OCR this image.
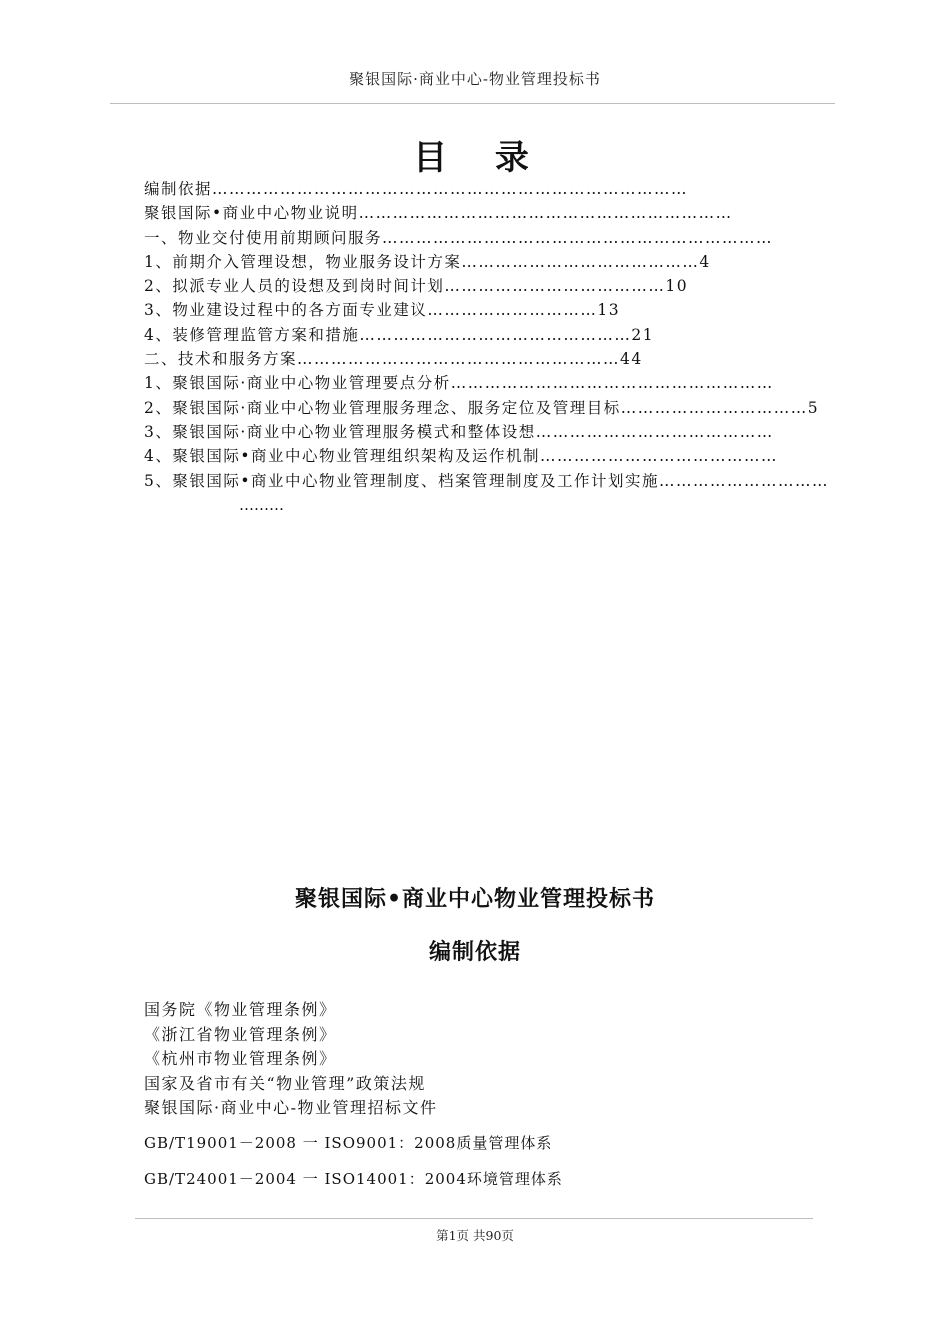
聚银国际·商业中心-物业管理投标书
目 录
编制依据…………………………………………………………………………
聚银国际•商业中心物业说明…………………………………………………………
一、物业交付使用前期顾问服务……………………………………………………………
1、前期介入管理设想，物业服务设计方案……………………………………4
2、拟派专业人员的设想及到岗时间计划…………………………………10
3、物业建设过程中的各方面专业建议…………………………13
4、装修管理监管方案和措施…………………………………………21
二、技术和服务方案…………………………………………………44
1、聚银国际·商业中心物业管理要点分析…………………………………………………
2、聚银国际·商业中心物业管理服务理念、服务定位及管理目标……………………………5
3、聚银国际·商业中心物业管理服务模式和整体设想……………………………………
4、聚银国际•商业中心物业管理组织架构及运作机制……………………………………
5、聚银国际•商业中心物业管理制度、档案管理制度及工作计划实施…………………………
………
聚银国际•商业中心物业管理投标书
编制依据
国务院《物业管理条例》
《浙江省物业管理条例》
《杭州市物业管理条例》
国家及省市有关“物业管理”政策法规
聚银国际·商业中心-物业管理招标文件
GB/T19001－2008 一 ISO9001：2008质量管理体系
GB/T24001－2004 一 ISO14001：2004环境管理体系
第1页 共90页
